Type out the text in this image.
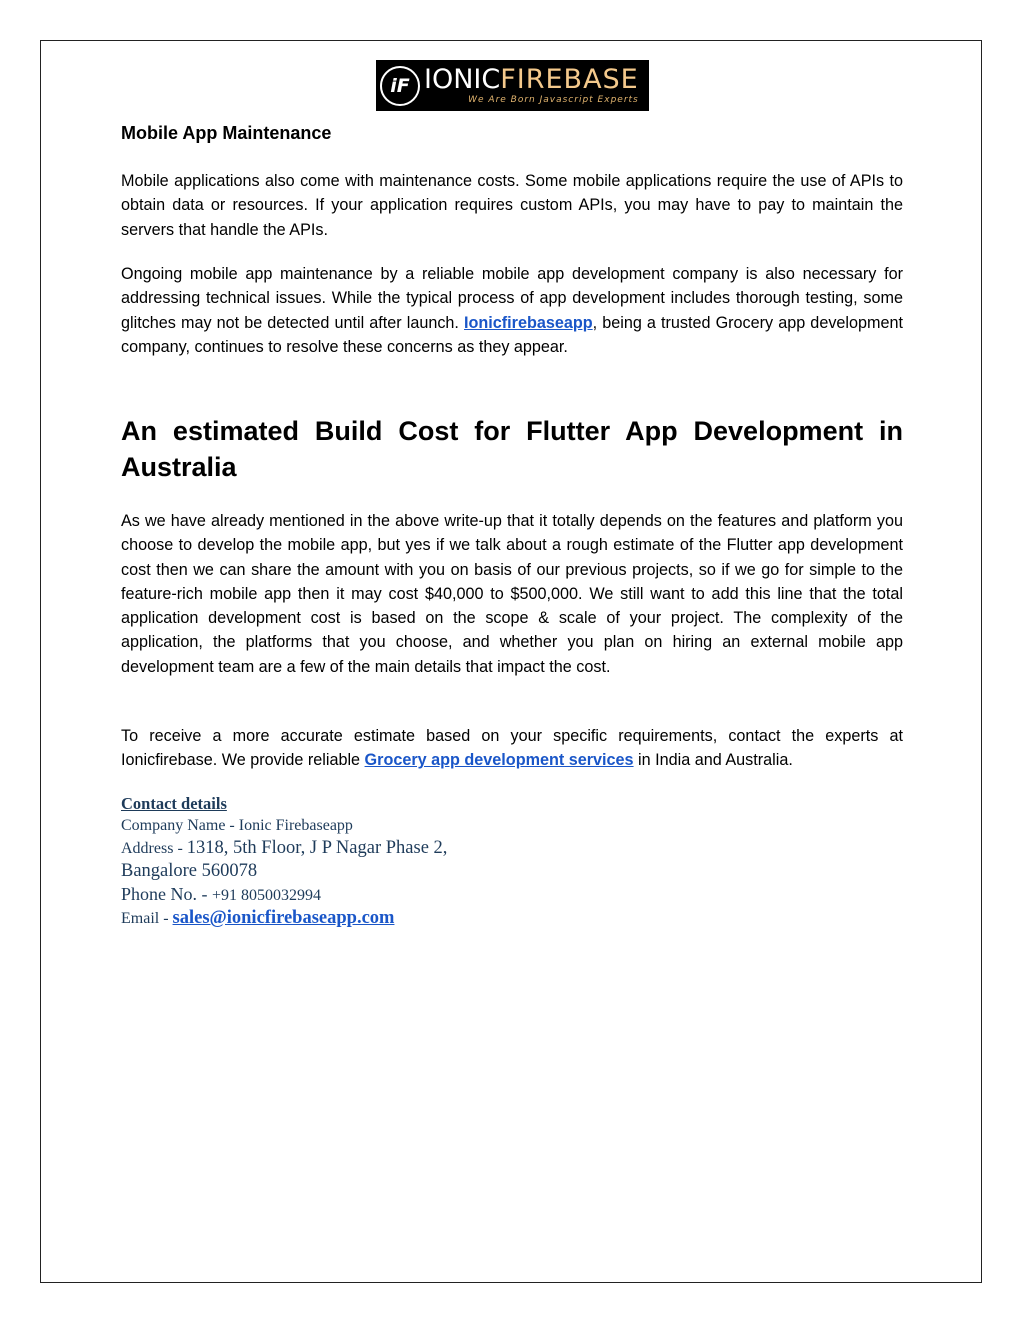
iF IONIC FIREBASE
We Are Born Javascript Experts
Mobile App Maintenance

Mobile applications also come with maintenance costs. Some mobile applications require the use of APIs to obtain data or resources. If your application requires custom APIs, you may have to pay to maintain the servers that handle the APIs.

Ongoing mobile app maintenance by a reliable mobile app development company is also necessary for addressing technical issues. While the typical process of app development includes thorough testing, some glitches may not be detected until after launch. Ionicfirebaseapp, being a trusted Grocery app development company, continues to resolve these concerns as they appear.

An estimated Build Cost for Flutter App Development in Australia

As we have already mentioned in the above write-up that it totally depends on the features and platform you choose to develop the mobile app, but yes if we talk about a rough estimate of the Flutter app development cost then we can share the amount with you on basis of our previous projects, so if we go for simple to the feature-rich mobile app then it may cost $40,000 to $500,000. We still want to add this line that the total application development cost is based on the scope & scale of your project. The complexity of the application, the platforms that you choose, and whether you plan on hiring an external mobile app development team are a few of the main details that impact the cost.

To receive a more accurate estimate based on your specific requirements, contact the experts at Ionicfirebase. We provide reliable Grocery app development services in India and Australia.

Contact details
Company Name - Ionic Firebaseapp
Address - 1318, 5th Floor, J P Nagar Phase 2,
Bangalore 560078
Phone No. - +91 8050032994
Email - sales@ionicfirebaseapp.com
